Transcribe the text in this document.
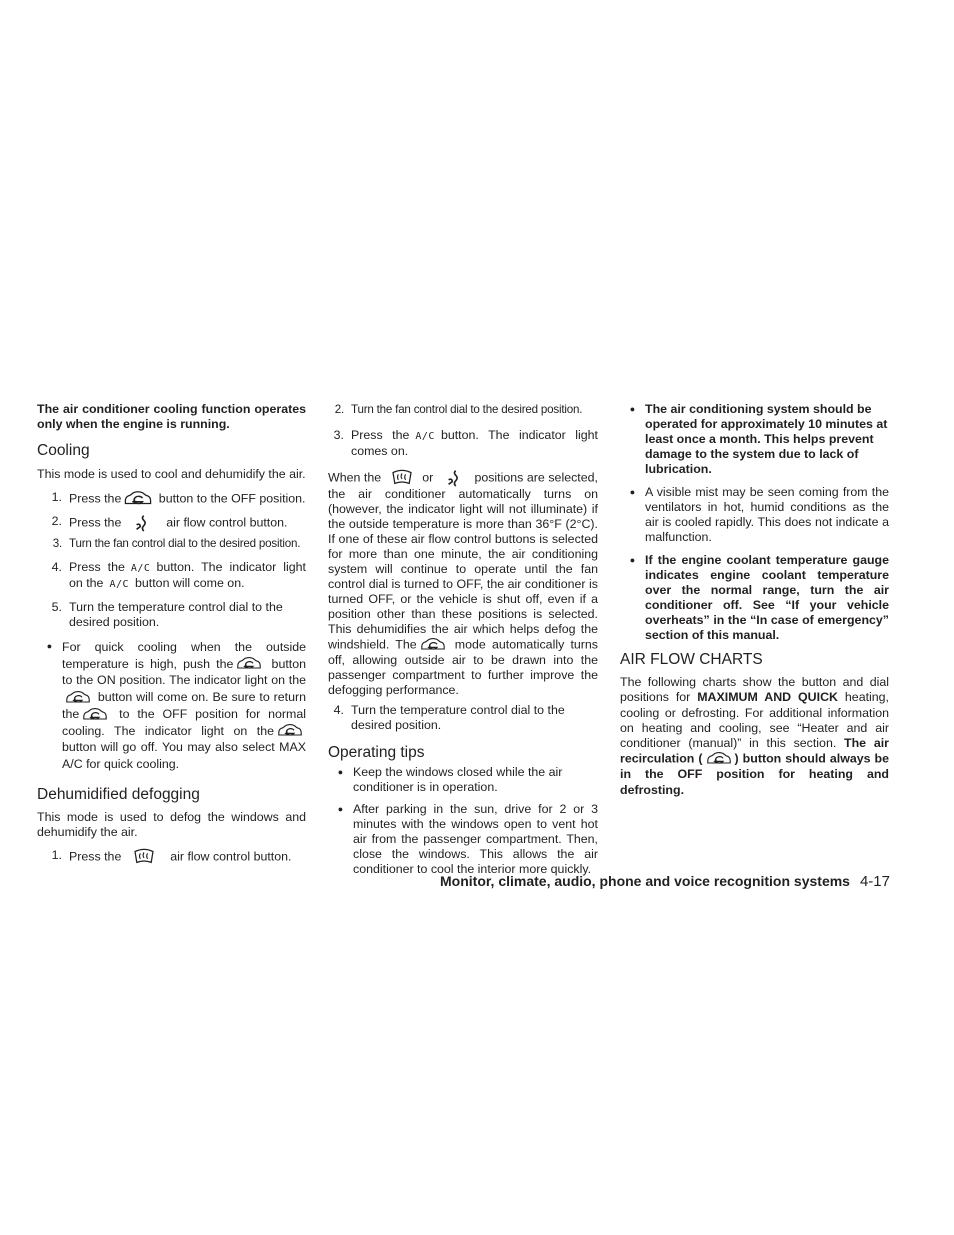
The air conditioner cooling function operates only when the engine is running.

Cooling

This mode is used to cool and dehumidify the air.

1. Press the	button to the OFF position.
2. Press the	air flow control button.
3. Turn the fan control dial to the desired position.
4. Press the A/C button. The indicator light on the A/C button will come on.
5. Turn the temperature control dial to the desired position.
● For quick cooling when the outside temperature is high, push the	button to the ON position. The indicator light on the button will come on. Be sure to return the	to the OFF position for normal cooling. The indicator light on the button will go off. You may also select MAX A/C for quick cooling.
Dehumidified defogging

This mode is used to defog the windows and dehumidify the air.

1. Press the	air flow control button.
2. Turn the fan control dial to the desired position.
3. Press the A/C button. The indicator light comes on.

When the	or	positions are selected, the air conditioner automatically turns on (however, the indicator light will not illuminate) if the outside temperature is more than 36°F (2°C). If one of these air flow control buttons is selected for more than one minute, the air conditioning system will continue to operate until the fan control dial is turned to OFF, the air conditioner is turned OFF, or the vehicle is shut off, even if a position other than these positions is selected. This dehumidifies the air which helps defog the windshield. The	mode automatically turns off, allowing outside air to be drawn into the passenger compartment to further improve the defogging performance.

4. Turn the temperature control dial to the desired position.
Operating tips
● Keep the windows closed while the air conditioner is in operation.
● After parking in the sun, drive for 2 or 3 minutes with the windows open to vent hot air from the passenger compartment. Then, close the windows. This allows the air conditioner to cool the interior more quickly.
● The air conditioning system should be operated for approximately 10 minutes at least once a month. This helps prevent damage to the system due to lack of lubrication.
● A visible mist may be seen coming from the ventilators in hot, humid conditions as the air is cooled rapidly. This does not indicate a malfunction.
● If the engine coolant temperature gauge indicates engine coolant temperature over the normal range, turn the air conditioner off. See “If your vehicle overheats” in the “In case of emergency” section of this manual.
AIR FLOW CHARTS

The following charts show the button and dial positions for MAXIMUM AND QUICK heating, cooling or defrosting. For additional information on heating and cooling, see “Heater and air conditioner (manual)” in this section. The air recirculation (	) button should always be in the OFF position for heating and defrosting.

Monitor, climate, audio, phone and voice recognition systems 4-17
